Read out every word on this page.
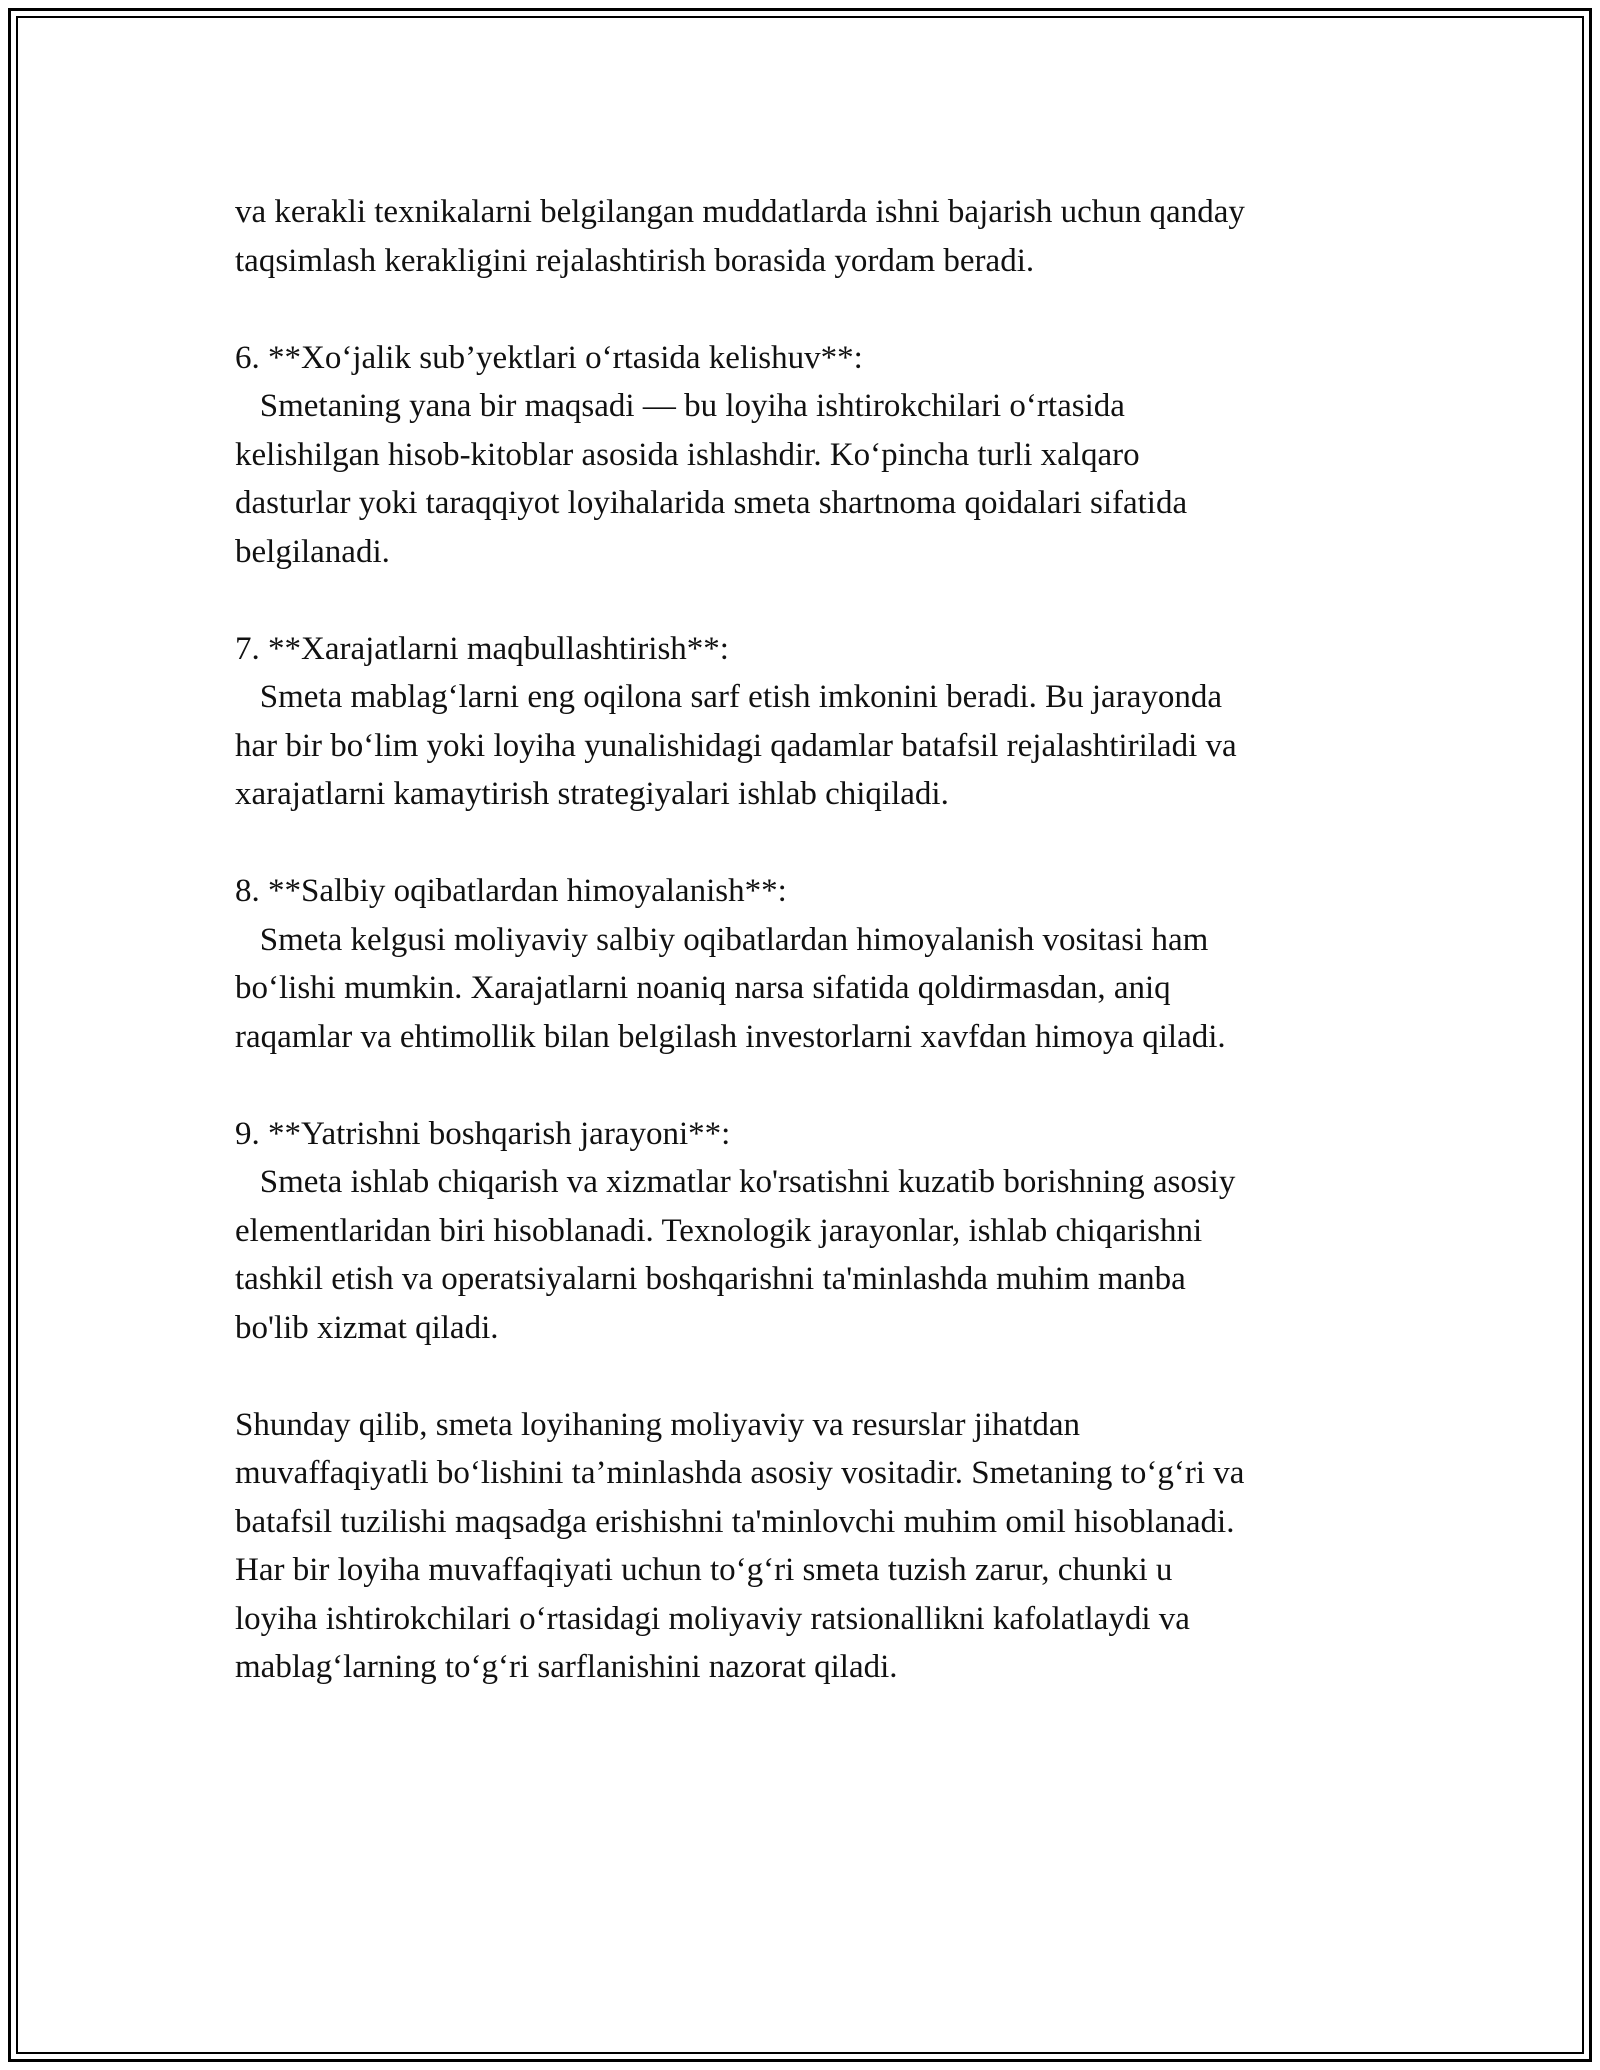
va kerakli texnikalarni belgilangan muddatlarda ishni bajarish uchun qanday

taqsimlash kerakligini rejalashtirish borasida yordam beradi.

6. **Xo‘jalik sub’yektlari o‘rtasida kelishuv**:

Smetaning yana bir maqsadi — bu loyiha ishtirokchilari o‘rtasida

kelishilgan hisob-kitoblar asosida ishlashdir. Ko‘pincha turli xalqaro

dasturlar yoki taraqqiyot loyihalarida smeta shartnoma qoidalari sifatida

belgilanadi.

7. **Xarajatlarni maqbullashtirish**:

Smeta mablag‘larni eng oqilona sarf etish imkonini beradi. Bu jarayonda

har bir bo‘lim yoki loyiha yunalishidagi qadamlar batafsil rejalashtiriladi va

xarajatlarni kamaytirish strategiyalari ishlab chiqiladi.

8. **Salbiy oqibatlardan himoyalanish**:

Smeta kelgusi moliyaviy salbiy oqibatlardan himoyalanish vositasi ham

bo‘lishi mumkin. Xarajatlarni noaniq narsa sifatida qoldirmasdan, aniq

raqamlar va ehtimollik bilan belgilash investorlarni xavfdan himoya qiladi.

9. **Yatrishni boshqarish jarayoni**:

Smeta ishlab chiqarish va xizmatlar ko'rsatishni kuzatib borishning asosiy

elementlaridan biri hisoblanadi. Texnologik jarayonlar, ishlab chiqarishni

tashkil etish va operatsiyalarni boshqarishni ta'minlashda muhim manba

bo'lib xizmat qiladi.

Shunday qilib, smeta loyihaning moliyaviy va resurslar jihatdan

muvaffaqiyatli bo‘lishini ta’minlashda asosiy vositadir. Smetaning to‘g‘ri va

batafsil tuzilishi maqsadga erishishni ta'minlovchi muhim omil hisoblanadi.

Har bir loyiha muvaffaqiyati uchun to‘g‘ri smeta tuzish zarur, chunki u

loyiha ishtirokchilari o‘rtasidagi moliyaviy ratsionallikni kafolatlaydi va

mablag‘larning to‘g‘ri sarflanishini nazorat qiladi.
